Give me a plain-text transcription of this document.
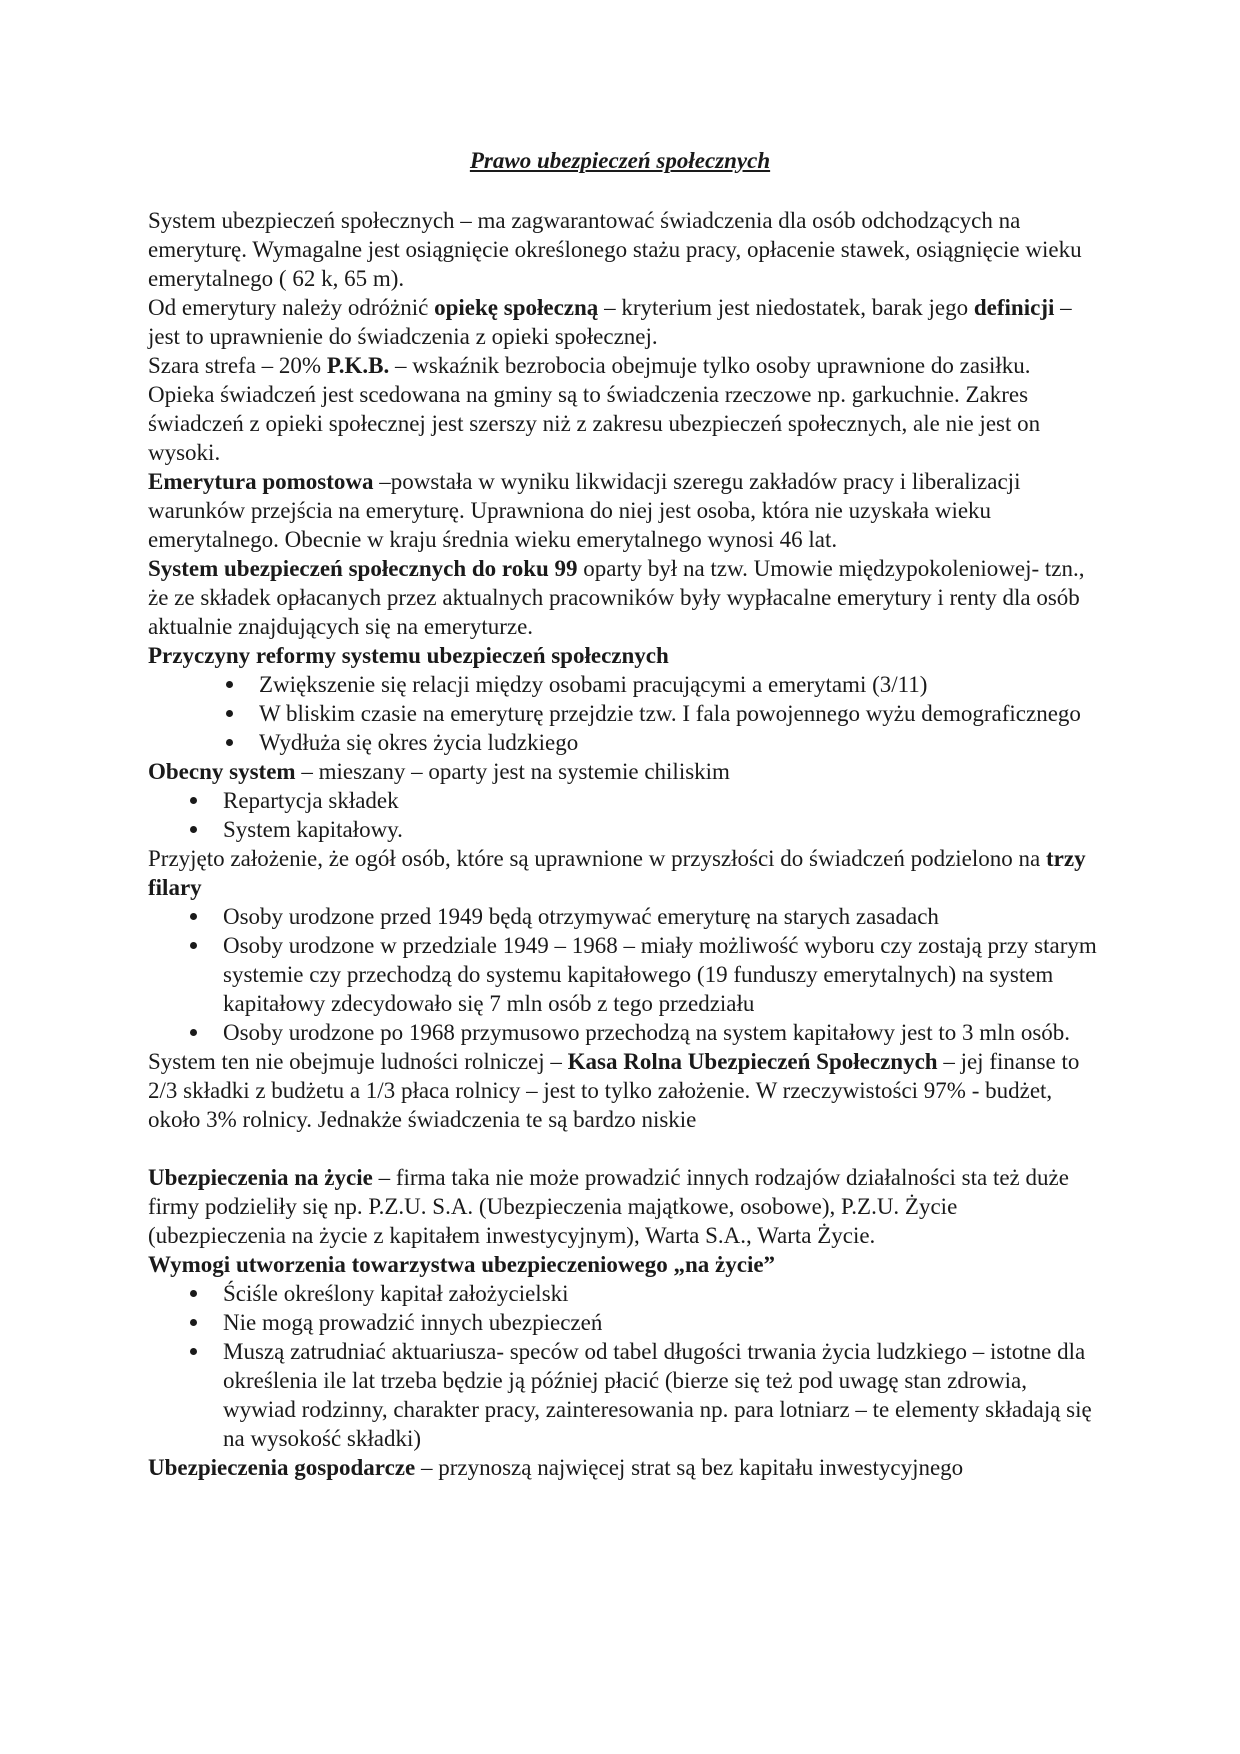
Prawo ubezpieczeń społecznych

System ubezpieczeń społecznych – ma zagwarantować świadczenia dla osób odchodzących na emeryturę. Wymagalne jest osiągnięcie określonego stażu pracy, opłacenie stawek, osiągnięcie wieku emerytalnego ( 62 k, 65 m).

Od emerytury należy odróżnić opiekę społeczną – kryterium jest niedostatek, barak jego definicji – jest to uprawnienie do świadczenia z opieki społecznej.

Szara strefa – 20% P.K.B. – wskaźnik bezrobocia obejmuje tylko osoby uprawnione do zasiłku. Opieka świadczeń jest scedowana na gminy są to świadczenia rzeczowe np. garkuchnie. Zakres świadczeń z opieki społecznej jest szerszy niż z zakresu ubezpieczeń społecznych, ale nie jest on wysoki.

Emerytura pomostowa –powstała w wyniku likwidacji szeregu zakładów pracy i liberalizacji warunków przejścia na emeryturę. Uprawniona do niej jest osoba, która nie uzyskała wieku emerytalnego. Obecnie w kraju średnia wieku emerytalnego wynosi 46 lat.

System ubezpieczeń społecznych do roku 99 oparty był na tzw. Umowie międzypokoleniowej- tzn., że ze składek opłacanych przez aktualnych pracowników były wypłacalne emerytury i renty dla osób aktualnie znajdujących się na emeryturze.

Przyczyny reformy systemu ubezpieczeń społecznych

Zwiększenie się relacji między osobami pracującymi a emerytami (3/11)
W bliskim czasie na emeryturę przejdzie tzw. I fala powojennego wyżu demograficznego
Wydłuża się okres życia ludzkiego

Obecny system – mieszany – oparty jest na systemie chiliskim

Repartycja składek
System kapitałowy.

Przyjęto założenie, że ogół osób, które są uprawnione w przyszłości do świadczeń podzielono na trzy filary

Osoby urodzone przed 1949 będą otrzymywać emeryturę na starych zasadach
Osoby urodzone w przedziale 1949 – 1968 – miały możliwość wyboru czy zostają przy starym systemie czy przechodzą do systemu kapitałowego (19 funduszy emerytalnych) na system kapitałowy zdecydowało się 7 mln osób z tego przedziału
Osoby urodzone po 1968 przymusowo przechodzą na system kapitałowy jest to 3 mln osób.

System ten nie obejmuje ludności rolniczej – Kasa Rolna Ubezpieczeń Społecznych – jej finanse to 2/3 składki z budżetu a 1/3 płaca rolnicy – jest to tylko założenie. W rzeczywistości 97% - budżet, około 3% rolnicy. Jednakże świadczenia te są bardzo niskie

Ubezpieczenia na życie – firma taka nie może prowadzić innych rodzajów działalności sta też duże firmy podzieliły się np. P.Z.U. S.A. (Ubezpieczenia majątkowe, osobowe), P.Z.U. Życie (ubezpieczenia na życie z kapitałem inwestycyjnym), Warta S.A., Warta Życie.

Wymogi utworzenia towarzystwa ubezpieczeniowego „na życie”

Ściśle określony kapitał założycielski
Nie mogą prowadzić innych ubezpieczeń
Muszą zatrudniać aktuariusza- speców od tabel długości trwania życia ludzkiego – istotne dla określenia ile lat trzeba będzie ją później płacić (bierze się też pod uwagę stan zdrowia, wywiad rodzinny, charakter pracy, zainteresowania np. para lotniarz – te elementy składają się na wysokość składki)

Ubezpieczenia gospodarcze – przynoszą najwięcej strat są bez kapitału inwestycyjnego
